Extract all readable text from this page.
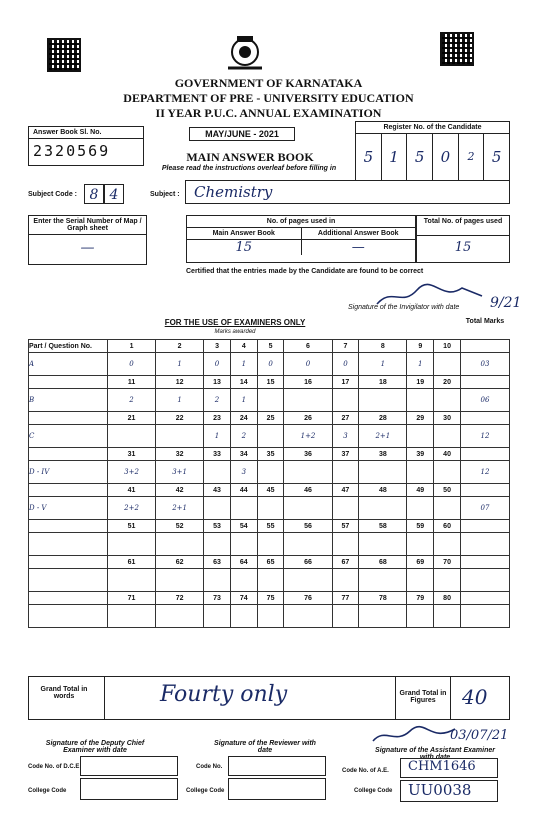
GOVERNMENT OF KARNATAKA
DEPARTMENT OF PRE - UNIVERSITY EDUCATION
II YEAR P.U.C. ANNUAL EXAMINATION
Answer Book Sl. No.
2320569
MAY/JUNE - 2021
MAIN ANSWER BOOK
Please read the instructions overleaf before filling in
Register No. of the Candidate
5	1	5	0	2	5
Subject Code : 8 4	Subject : Chemistry
Enter the Serial Number of Map / Graph sheet
—
No. of pages used in
Main Answer Book	Additional Answer Book
15	—
Total No. of pages used
15
Certified that the entries made by the Candidate are found to be correct
Signature of the Invigilator with date 9/21
FOR THE USE OF EXAMINERS ONLY
Marks awarded
Total Marks
Part / Question No.	1	2	3	4	5	6	7	8	9	10	
A	0	1	0	1	0	0	0	1	1		03
	11	12	13	14	15	16	17	18	19	20	
B	2	1	2	1							06
	21	22	23	24	25	26	27	28	29	30	
C			1	2		1+2	3	2+1			12
	31	32	33	34	35	36	37	38	39	40	
D - IV	3+2	3+1		3							12
	41	42	43	44	45	46	47	48	49	50	
D - V	2+2	2+1									07
	51	52	53	54	55	56	57	58	59	60	

	61	62	63	64	65	66	67	68	69	70	

	71	72	73	74	75	76	77	78	79	80	

Grand Total in words	Fourty only	Grand Total in Figures	40
Signature of the Deputy Chief Examiner with date
Signature of the Reviewer with date	Signature of the Assistant Examiner with date
03/07/21
Code No. of D.C.E
College Code
Code No.
College Code
Code No. of A.E. CHM1646
College Code UU0038
